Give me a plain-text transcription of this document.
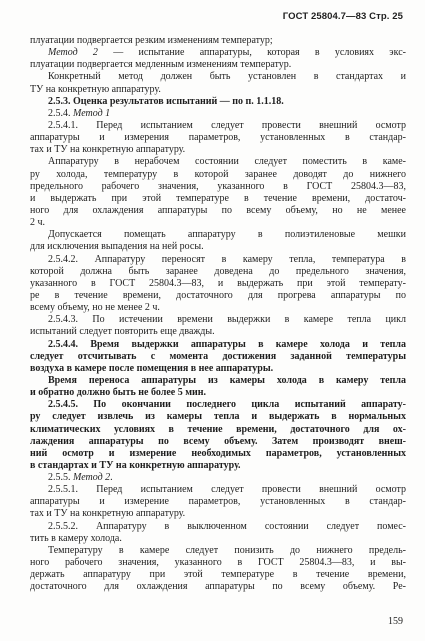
ГОСТ 25804.7—83 Стр. 25
плуатации подвергается резким изменениям температур;
Метод 2 — испытание аппаратуры, которая в условиях экс-
плуатации подвергается медленным изменениям температур.
Конкретный метод должен быть установлен в стандартах и
ТУ на конкретную аппаратуру.
2.5.3. Оценка результатов испытаний — по п. 1.1.18.
2.5.4. Метод 1
2.5.4.1. Перед испытанием следует провести внешний осмотр
аппаратуры и измерения параметров, установленных в стандар-
тах и ТУ на конкретную аппаратуру.
Аппаратуру в нерабочем состоянии следует поместить в каме-
ру холода, температуру в которой заранее доводят до нижнего
предельного рабочего значения, указанного в ГОСТ 25804.3—83,
и выдержать при этой температуре в течение времени, достаточ-
ного для охлаждения аппаратуры по всему объему, но не менее
2 ч.
Допускается помещать аппаратуру в полиэтиленовые мешки
для исключения выпадения на ней росы.
2.5.4.2. Аппаратуру переносят в камеру тепла, температура в
которой должна быть заранее доведена до предельного значения,
указанного в ГОСТ 25804.3—83, и выдержать при этой температу-
ре в течение времени, достаточного для прогрева аппаратуры по
всему объему, но не менее 2 ч.
2.5.4.3. По истечении времени выдержки в камере тепла цикл
испытаний следует повторить еще дважды.
2.5.4.4. Время выдержки аппаратуры в камере холода и тепла
следует отсчитывать с момента достижения заданной температуры
воздуха в камере после помещения в нее аппаратуры.
Время переноса аппаратуры из камеры холода в камеру тепла
и обратно должно быть не более 5 мин.
2.5.4.5. По окончании последнего цикла испытаний аппарату-
ру следует извлечь из камеры тепла и выдержать в нормальных
климатических условиях в течение времени, достаточного для ох-
лаждения аппаратуры по всему объему. Затем производят внеш-
ний осмотр и измерение необходимых параметров, установленных
в стандартах и ТУ на конкретную аппаратуру.
2.5.5. Метод 2.
2.5.5.1. Перед испытанием следует провести внешний осмотр
аппаратуры и измерение параметров, установленных в стандар-
тах и ТУ на конкретную аппаратуру.
2.5.5.2. Аппаратуру в выключенном состоянии следует помес-
тить в камеру холода.
Температуру в камере следует понизить до нижнего предель-
ного рабочего значения, указанного в ГОСТ 25804.3—83, и вы-
держать аппаратуру при этой температуре в течение времени,
достаточного для охлаждения аппаратуры по всему объему. Ре-
159
